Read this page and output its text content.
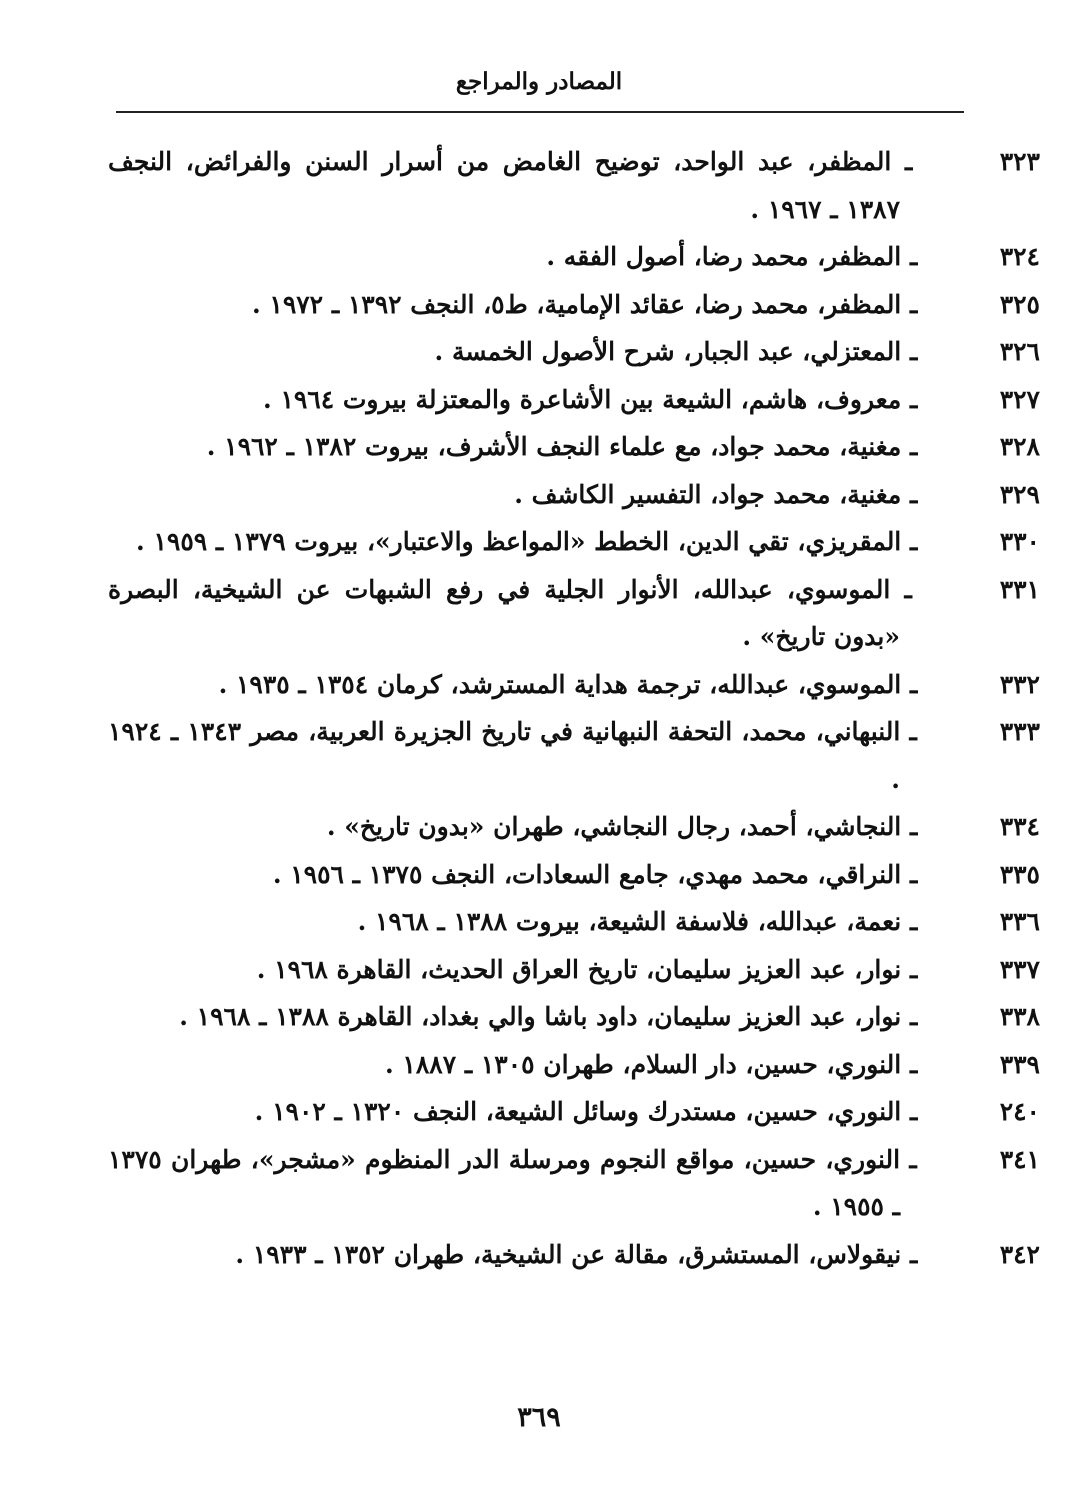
المصادر والمراجع

٣٢٣ ـ المظفر، عبد الواحد، توضيح الغامض من أسرار السنن والفرائض، النجف ١٣٨٧ ـ ١٩٦٧ .

٣٢٤ ـ المظفر، محمد رضا، أصول الفقه .

٣٢٥ ـ المظفر، محمد رضا، عقائد الإمامية، ط٥، النجف ١٣٩٢ ـ ١٩٧٢ .

٣٢٦ ـ المعتزلي، عبد الجبار، شرح الأصول الخمسة .

٣٢٧ ـ معروف، هاشم، الشيعة بين الأشاعرة والمعتزلة بيروت ١٩٦٤ .

٣٢٨ ـ مغنية، محمد جواد، مع علماء النجف الأشرف، بيروت ١٣٨٢ ـ ١٩٦٢ .

٣٢٩ ـ مغنية، محمد جواد، التفسير الكاشف .

٣٣٠ ـ المقريزي، تقي الدين، الخطط «المواعظ والاعتبار»، بيروت ١٣٧٩ ـ ١٩٥٩ .

٣٣١ ـ الموسوي، عبدالله، الأنوار الجلية في رفع الشبهات عن الشيخية، البصرة «بدون تاريخ» .

٣٣٢ ـ الموسوي، عبدالله، ترجمة هداية المسترشد، كرمان ١٣٥٤ ـ ١٩٣٥ .

٣٣٣ ـ النبهاني، محمد، التحفة النبهانية في تاريخ الجزيرة العربية، مصر ١٣٤٣ ـ ١٩٢٤ .

٣٣٤ ـ النجاشي، أحمد، رجال النجاشي، طهران «بدون تاريخ» .

٣٣٥ ـ النراقي، محمد مهدي، جامع السعادات، النجف ١٣٧٥ ـ ١٩٥٦ .

٣٣٦ ـ نعمة، عبدالله، فلاسفة الشيعة، بيروت ١٣٨٨ ـ ١٩٦٨ .

٣٣٧ ـ نوار، عبد العزيز سليمان، تاريخ العراق الحديث، القاهرة ١٩٦٨ .

٣٣٨ ـ نوار، عبد العزيز سليمان، داود باشا والي بغداد، القاهرة ١٣٨٨ ـ ١٩٦٨ .

٣٣٩ ـ النوري، حسين، دار السلام، طهران ١٣٠٥ ـ ١٨٨٧ .

٢٤٠ ـ النوري، حسين، مستدرك وسائل الشيعة، النجف ١٣٢٠ ـ ١٩٠٢ .

٣٤١ ـ النوري، حسين، مواقع النجوم ومرسلة الدر المنظوم «مشجر»، طهران ١٣٧٥ ـ ١٩٥٥ .

٣٤٢ ـ نيقولاس، المستشرق، مقالة عن الشيخية، طهران ١٣٥٢ ـ ١٩٣٣ .

٣٦٩
